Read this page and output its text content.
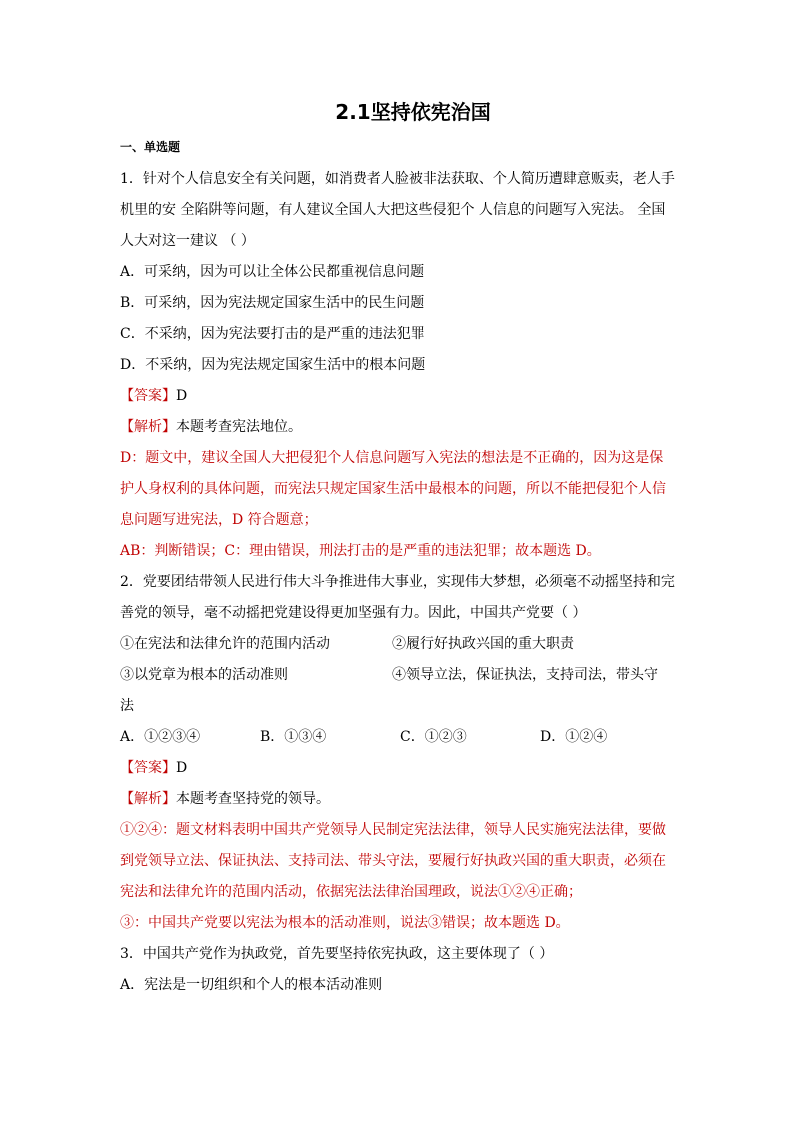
2.1坚持依宪治国

一、单选题

1．针对个人信息安全有关问题，如消费者人脸被非法获取、个人简历遭肆意贩卖，老人手

机里的安 全陷阱等问题，有人建议全国人大把这些侵犯个 人信息的问题写入宪法。 全国

人大对这一建议 （ ）

A．可采纳，因为可以让全体公民都重视信息问题

B．可采纳，因为宪法规定国家生活中的民生问题

C．不采纳，因为宪法要打击的是严重的违法犯罪

D．不采纳，因为宪法规定国家生活中的根本问题

【答案】D

【解析】本题考查宪法地位。

D：题文中，建议全国人大把侵犯个人信息问题写入宪法的想法是不正确的，因为这是保

护人身权利的具体问题，而宪法只规定国家生活中最根本的问题，所以不能把侵犯个人信

息问题写进宪法，D 符合题意；

AB：判断错误；C：理由错误，刑法打击的是严重的违法犯罪；故本题选 D。

2．党要团结带领人民进行伟大斗争推进伟大事业，实现伟大梦想，必须毫不动摇坚持和完

善党的领导，毫不动摇把党建设得更加坚强有力。因此，中国共产党要（ ）

①在宪法和法律允许的范围内活动	②履行好执政兴国的重大职责
③以党章为根本的活动准则	④领导立法，保证执法，支持司法，带头守

法

A．①②③④	B．①③④	C．①②③	D．①②④

【答案】D

【解析】本题考查坚持党的领导。

①②④：题文材料表明中国共产党领导人民制定宪法法律，领导人民实施宪法法律，要做

到党领导立法、保证执法、支持司法、带头守法，要履行好执政兴国的重大职责，必须在

宪法和法律允许的范围内活动，依据宪法法律治国理政，说法①②④正确；

③：中国共产党要以宪法为根本的活动准则，说法③错误；故本题选 D。

3．中国共产党作为执政党，首先要坚持依宪执政，这主要体现了（ ）

A．宪法是一切组织和个人的根本活动准则
